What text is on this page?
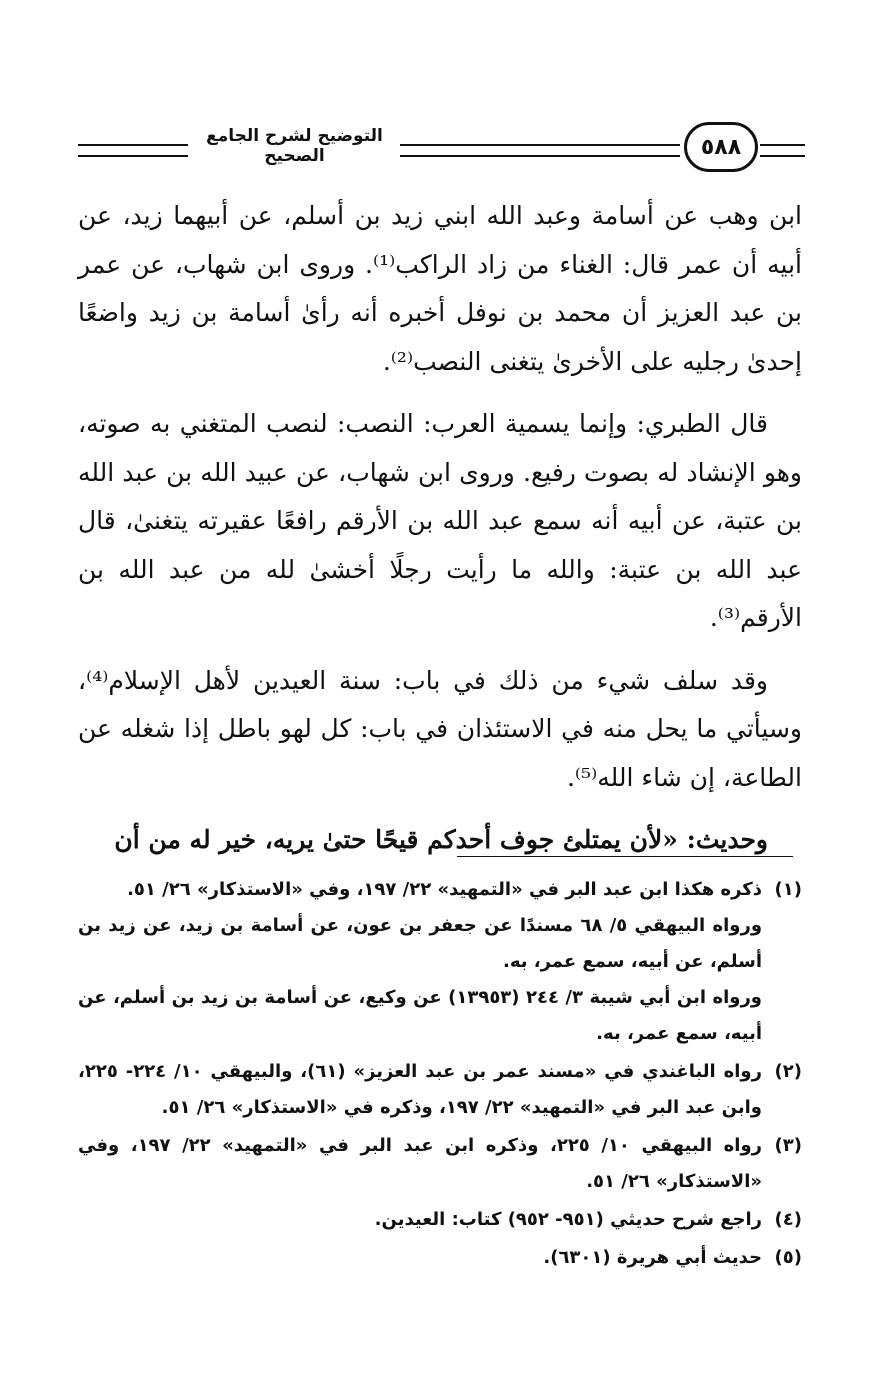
التوضيح لشرح الجامع الصحيح	٥٨٨

ابن وهب عن أسامة وعبد الله ابني زيد بن أسلم، عن أبيهما زيد، عن أبيه أن عمر قال: الغناء من زاد الراكب⁽¹⁾. وروى ابن شهاب، عن عمر بن عبد العزيز أن محمد بن نوفل أخبره أنه رأىٰ أسامة بن زيد واضعًا إحدىٰ رجليه على الأخرىٰ يتغنى النصب⁽²⁾.

قال الطبري: وإنما يسمية العرب: النصب: لنصب المتغني به صوته، وهو الإنشاد له بصوت رفيع. وروى ابن شهاب، عن عبيد الله بن عبد الله بن عتبة، عن أبيه أنه سمع عبد الله بن الأرقم رافعًا عقيرته يتغنىٰ، قال عبد الله بن عتبة: والله ما رأيت رجلًا أخشىٰ لله من عبد الله بن الأرقم⁽³⁾.

وقد سلف شيء من ذلك في باب: سنة العيدين لأهل الإسلام⁽⁴⁾، وسيأتي ما يحل منه في الاستئذان في باب: كل لهو باطل إذا شغله عن الطاعة، إن شاء الله⁽⁵⁾.

وحديث: «لأن يمتلئ جوف أحدكم قيحًا حتىٰ يريه، خير له من أن

(١)
ذكره هكذا ابن عبد البر في «التمهيد» ٢٢/ ١٩٧، وفي «الاستذكار» ٢٦/ ٥١.
ورواه البيهقي ٥/ ٦٨ مسندًا عن جعفر بن عون، عن أسامة بن زيد، عن زيد بن أسلم، عن أبيه، سمع عمر، به.
ورواه ابن أبي شيبة ٣/ ٢٤٤ (١٣٩٥٣) عن وكيع، عن أسامة بن زيد بن أسلم، عن أبيه، سمع عمر، به.
(٢)
رواه الباغندي في «مسند عمر بن عبد العزيز» (٦١)، والبيهقي ١٠/ ٢٢٤- ٢٢٥، وابن عبد البر في «التمهيد» ٢٢/ ١٩٧، وذكره في «الاستذكار» ٢٦/ ٥١.
(٣)
رواه البيهقي ١٠/ ٢٢٥، وذكره ابن عبد البر في «التمهيد» ٢٢/ ١٩٧، وفي «الاستذكار» ٢٦/ ٥١.
(٤)
راجع شرح حديثي (٩٥١- ٩٥٢) كتاب: العيدين.
(٥)
حديث أبي هريرة (٦٣٠١).
